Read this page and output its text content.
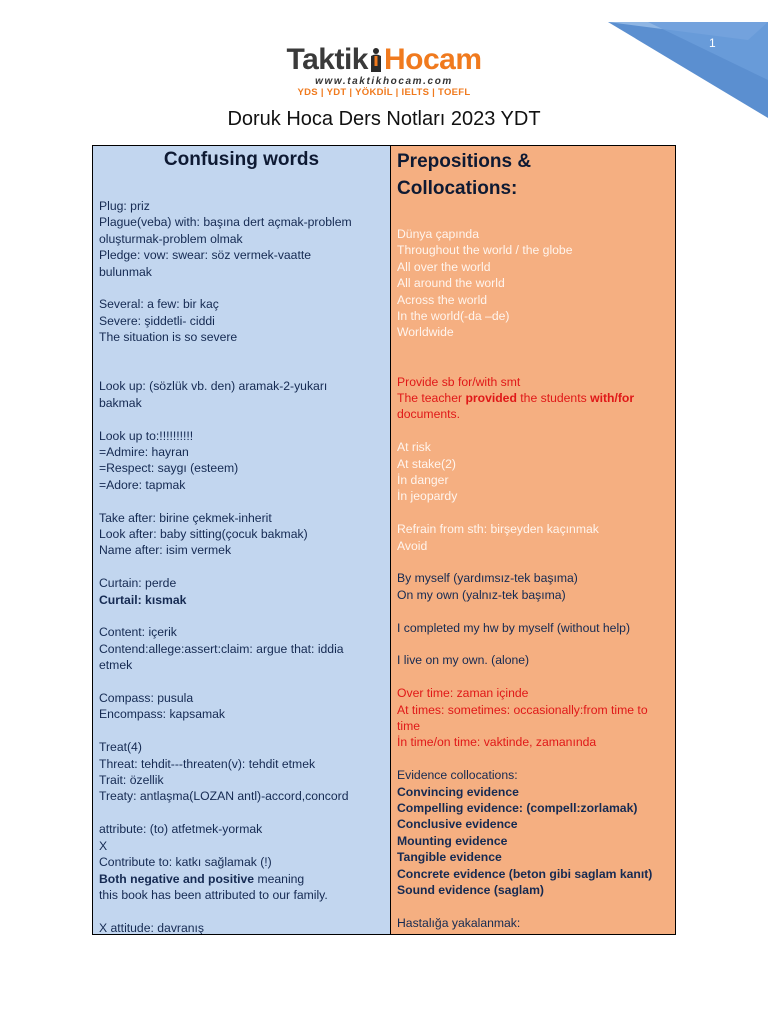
1
Taktik Hocam
www.taktikhocam.com
YDS | YDT | YÖKDİL | IELTS | TOEFL
Doruk Hoca Ders Notları 2023 YDT
Confusing words
Plug: priz
Plague(veba) with: başına dert açmak-problem
oluşturmak-problem olmak
Pledge: vow: swear: söz vermek-vaatte
bulunmak
Several: a few: bir kaç
Severe: şiddetli- ciddi
The situation is so severe
Look up: (sözlük vb. den) aramak-2-yukarı
bakmak
Look up to:!!!!!!!!!!
=Admire: hayran
=Respect: saygı (esteem)
=Adore: tapmak
Take after: birine çekmek-inherit
Look after: baby sitting(çocuk bakmak)
Name after: isim vermek
Curtain: perde
Curtail: kısmak
Content: içerik
Contend:allege:assert:claim: argue that: iddia
etmek
Compass: pusula
Encompass: kapsamak
Treat(4)
Threat: tehdit---threaten(v): tehdit etmek
Trait: özellik
Treaty: antlaşma(LOZAN antl)-accord,concord
attribute: (to) atfetmek-yormak
X
Contribute to: katkı sağlamak (!)
Both negative and positive meaning
this book has been attributed to our family.
X attitude: davranış
Prepositions &
Collocations:
Dünya çapında
Throughout the world / the globe
All over the world
All around the world
Across the world
In the world(-da –de)
Worldwide
Provide sb for/with smt
The teacher provided the students with/for
documents.
At risk
At stake(2)
İn danger
İn jeopardy
Refrain from sth: birşeyden kaçınmak
Avoid
By myself (yardımsız-tek başıma)
On my own (yalnız-tek başıma)
I completed my hw by myself (without help)
I live on my own. (alone)
Over time: zaman içinde
At times: sometimes: occasionally:from time to
time
İn time/on time: vaktinde, zamanında
Evidence collocations:
Convincing evidence
Compelling evidence: (compell:zorlamak)
Conclusive evidence
Mounting evidence
Tangible evidence
Concrete evidence (beton gibi saglam kanıt)
Sound evidence (saglam)
Hastalığa yakalanmak:
